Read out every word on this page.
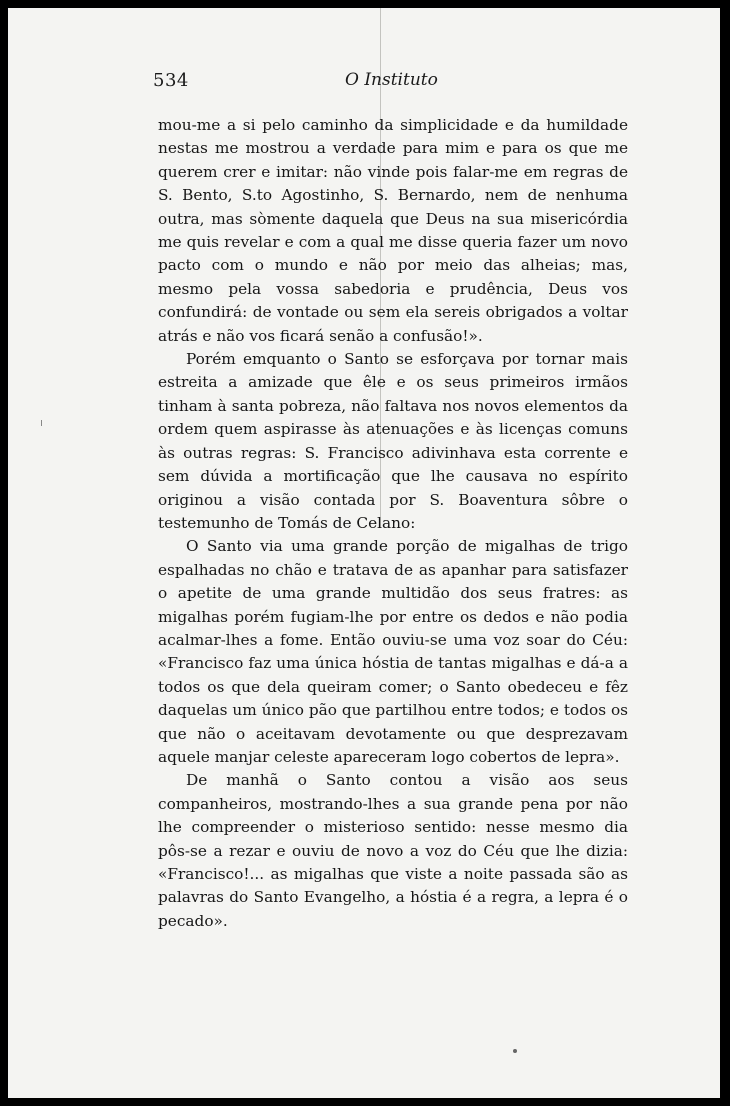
534	O Instituto

mou-me a si pelo caminho da simplicidade e da humildade nestas me mostrou a verdade para mim e para os que me querem crer e imitar: não vinde pois falar-me em regras de S. Bento, S.to Agostinho, S. Bernardo, nem de nenhuma outra, mas sòmente daquela que Deus na sua misericórdia me quis revelar e com a qual me disse queria fazer um novo pacto com o mundo e não por meio das alheias; mas, mesmo pela vossa sabedoria e prudência, Deus vos confundirá: de vontade ou sem ela sereis obrigados a voltar atrás e não vos ficará senão a confusão!».

Porém emquanto o Santo se esforçava por tornar mais estreita a amizade que êle e os seus primeiros irmãos tinham à santa pobreza, não faltava nos novos elementos da ordem quem aspirasse às atenuações e às licenças comuns às outras regras: S. Francisco adivinhava esta corrente e sem dúvida a mortificação que lhe causava no espírito originou a visão contada por S. Boaventura sôbre o testemunho de Tomás de Celano:

O Santo via uma grande porção de migalhas de trigo espalhadas no chão e tratava de as apanhar para satisfazer o apetite de uma grande multidão dos seus fratres: as migalhas porém fugiam-lhe por entre os dedos e não podia acalmar-lhes a fome. Então ouviu-se uma voz soar do Céu: «Francisco faz uma única hóstia de tantas migalhas e dá-a a todos os que dela queiram comer; o Santo obedeceu e fêz daquelas um único pão que partilhou entre todos; e todos os que não o aceitavam devotamente ou que desprezavam aquele manjar celeste apareceram logo cobertos de lepra».

De manhã o Santo contou a visão aos seus companheiros, mostrando-lhes a sua grande pena por não lhe compreender o misterioso sentido: nesse mesmo dia pôs-se a rezar e ouviu de novo a voz do Céu que lhe dizia: «Francisco!... as migalhas que viste a noite passada são as palavras do Santo Evangelho, a hóstia é a regra, a lepra é o pecado».
